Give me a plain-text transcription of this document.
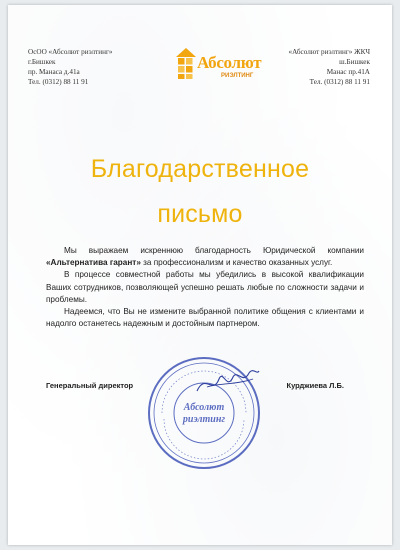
ОсОО «Абсолют риэлтинг»
г.Бишкек
пр. Манаса д.41а
Тел. (0312) 88 11 91
Абсолют
РИЭЛТИНГ
«Абсолют риэлтинг» ЖКЧ
ш.Бишкек
Манас пр.41А
Тел. (0312) 88 11 91
Благодарственное
письмо

Мы выражаем искреннюю благодарность Юридической компании «Альтернатива гарант» за профессионализм и качество оказанных услуг.

В процессе совместной работы мы убедились в высокой квалификации Ваших сотрудников, позволяющей успешно решать любые по сложности задачи и проблемы.

Надеемся, что Вы не измените выбранной политике общения с клиентами и надолго останетесь надежным и достойным партнером.

Генеральный директор	Курджиева Л.Б.
Абсолют
риэлтинг
